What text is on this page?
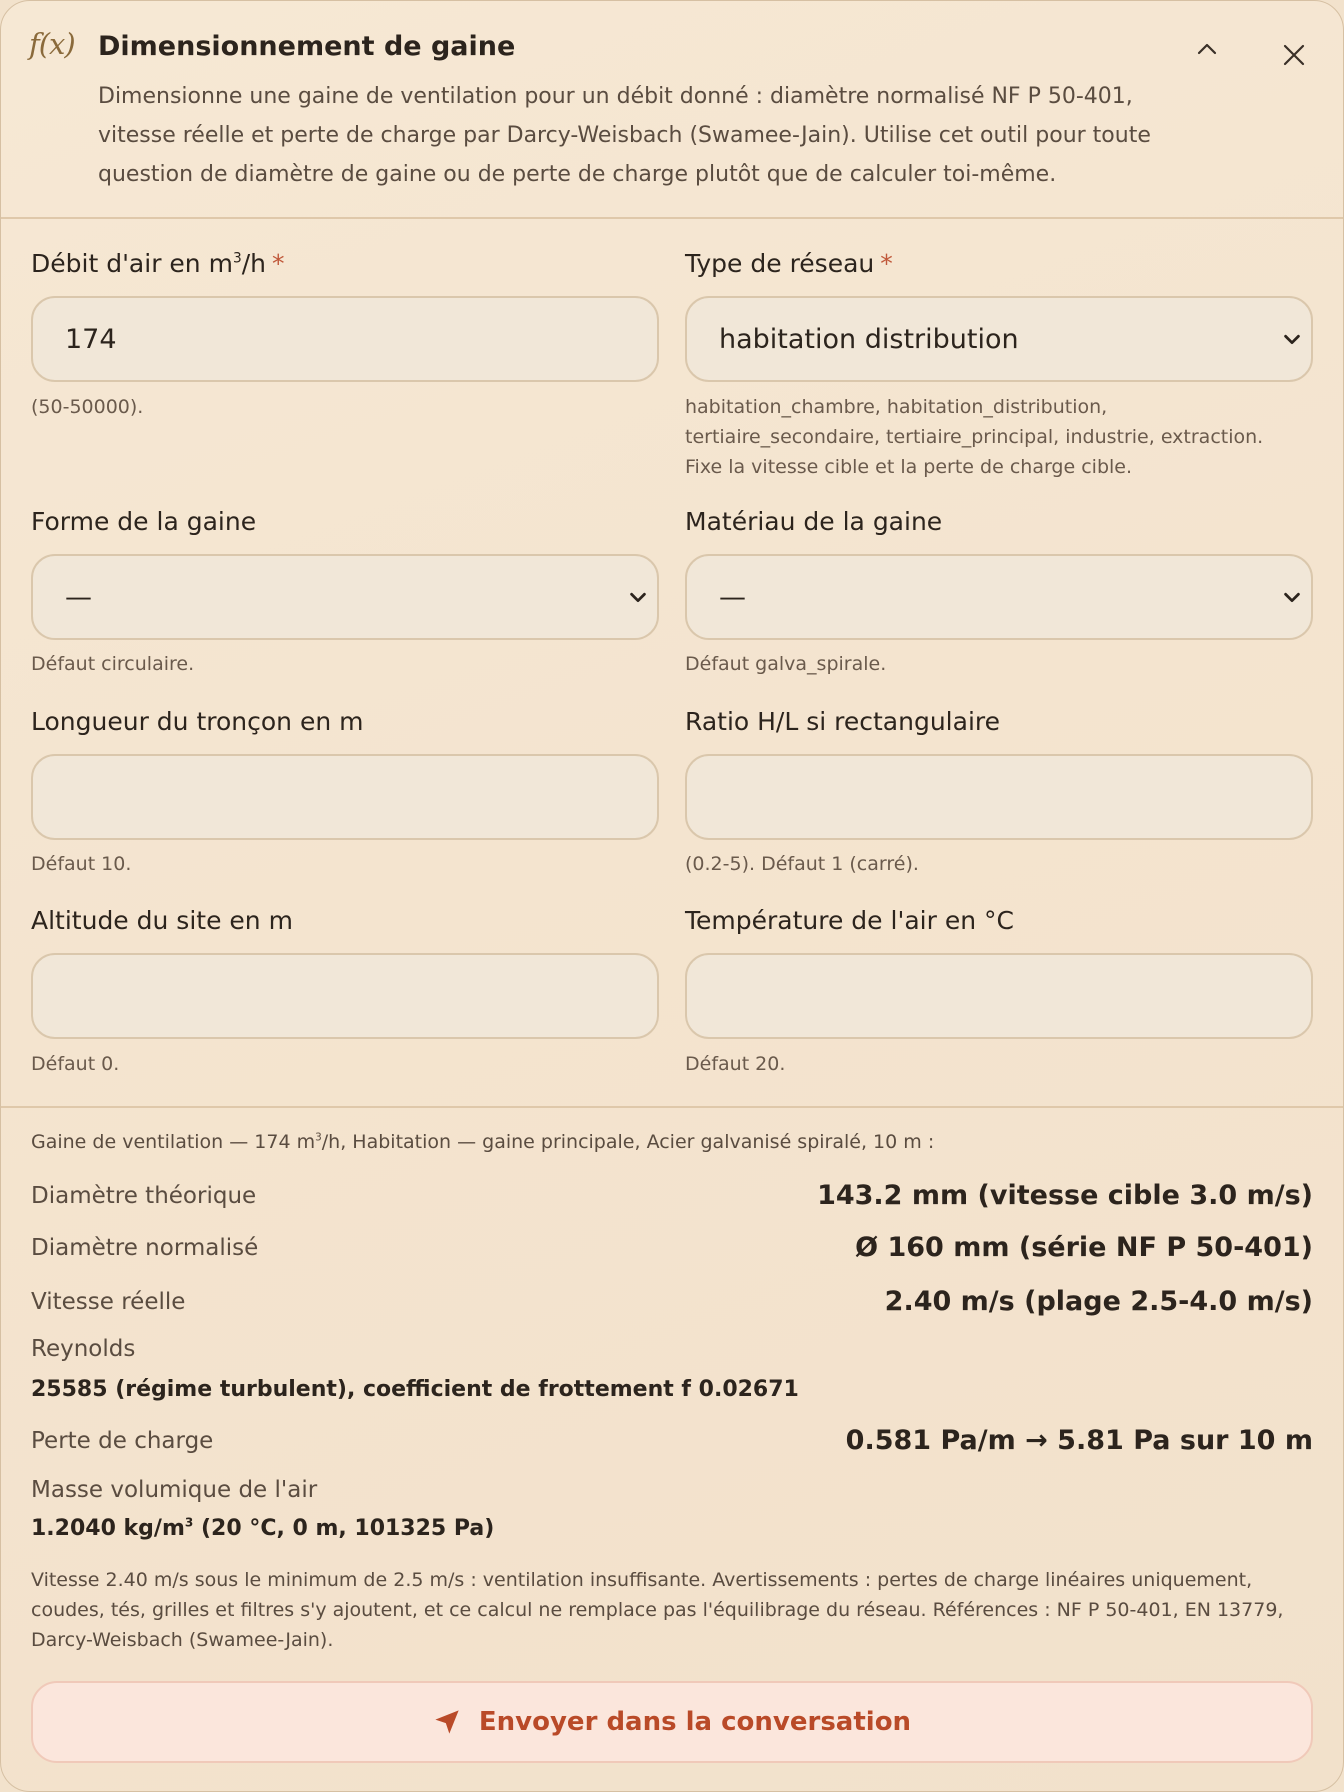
f(x) Dimensionnement de gaine
Dimensionne une gaine de ventilation pour un débit donné : diamètre normalisé NF P 50-401, vitesse réelle et perte de charge par Darcy-Weisbach (Swamee-Jain). Utilise cet outil pour toute question de diamètre de gaine ou de perte de charge plutôt que de calculer toi-même.
Débit d'air en $m^3/h$ *
174
(50-50000).
Type de réseau *
habitation distribution
habitation_chambre, habitation_distribution,
tertiaire_secondaire, tertiaire_principal, industrie, extraction.
Fixe la vitesse cible et la perte de charge cible.
Forme de la gaine
—
Défaut circulaire.
Matériau de la gaine
—
Défaut galva_spirale.
Longueur du tronçon en m
Défaut 10.
Ratio H/L si rectangulaire
(0.2-5). Défaut 1 (carré).
Altitude du site en m
Défaut 0.
Température de l'air en °C
Défaut 20.
Gaine de ventilation — 174 $m^3/h$, Habitation — gaine principale, Acier galvanisé spiralé, 10 m :
Diamètre théorique	143.2 mm (vitesse cible 3.0 m/s)
Diamètre normalisé	Ø 160 mm (série NF P 50-401)
Vitesse réelle	2.40 m/s (plage 2.5-4.0 m/s)
Reynolds
25585 (régime turbulent), coefficient de frottement f 0.02671
Perte de charge	0.581 Pa/m → 5.81 Pa sur 10 m
Masse volumique de l'air
1.2040 $kg/m^3$ (20 °C, 0 m, 101325 Pa)
Vitesse 2.40 m/s sous le minimum de 2.5 m/s : ventilation insuffisante. Avertissements : pertes de charge linéaires uniquement, coudes, tés, grilles et filtres s'y ajoutent, et ce calcul ne remplace pas l'équilibrage du réseau. Références : NF P 50-401, EN 13779, Darcy-Weisbach (Swamee-Jain).
Envoyer dans la conversation
